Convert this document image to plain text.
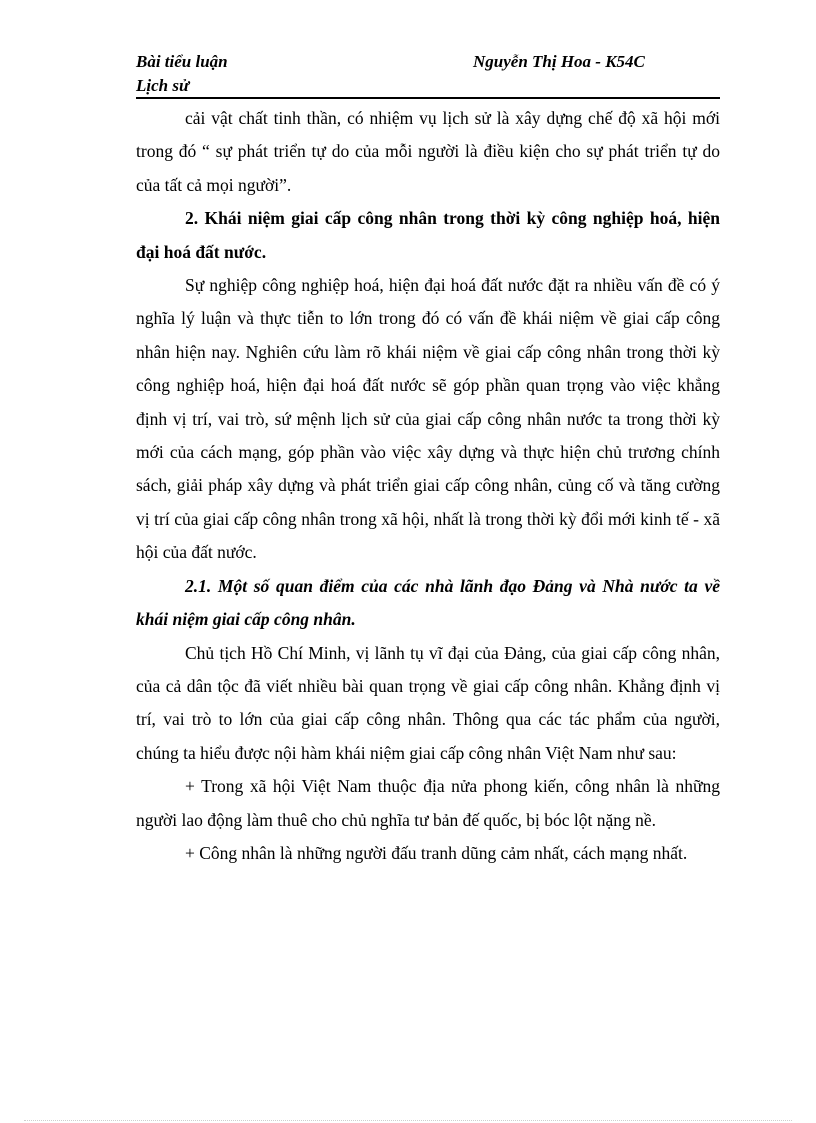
Bài tiểu luận	Nguyễn Thị Hoa - K54C
Lịch sử

cải vật chất tinh thần, có nhiệm vụ lịch sử là xây dựng chế độ xã hội mới trong đó “ sự phát triển tự do của mỗi người là điều kiện cho sự phát triển tự do của tất cả mọi người”.

2. Khái niệm giai cấp công nhân trong thời kỳ công nghiệp hoá, hiện đại hoá đất nước.

Sự nghiệp công nghiệp hoá, hiện đại hoá đất nước đặt ra nhiều vấn đề có ý nghĩa lý luận và thực tiễn to lớn trong đó có vấn đề khái niệm về giai cấp công nhân hiện nay. Nghiên cứu làm rõ khái niệm về giai cấp công nhân trong thời kỳ công nghiệp hoá, hiện đại hoá đất nước sẽ góp phần quan trọng vào việc khẳng định vị trí, vai trò, sứ mệnh lịch sử của giai cấp công nhân nước ta trong thời kỳ mới của cách mạng, góp phần vào việc xây dựng và thực hiện chủ trương chính sách, giải pháp xây dựng và phát triển giai cấp công nhân, củng cố và tăng cường vị trí của giai cấp công nhân trong xã hội, nhất là trong thời kỳ đổi mới kinh tế - xã hội của đất nước.

2.1. Một số quan điểm của các nhà lãnh đạo Đảng và Nhà nước ta về khái niệm giai cấp công nhân.

Chủ tịch Hồ Chí Minh, vị lãnh tụ vĩ đại của Đảng, của giai cấp công nhân, của cả dân tộc đã viết nhiều bài quan trọng về giai cấp công nhân. Khẳng định vị trí, vai trò to lớn của giai cấp công nhân. Thông qua các tác phẩm của người, chúng ta hiểu được nội hàm khái niệm giai cấp công nhân Việt Nam như sau:

+ Trong xã hội Việt Nam thuộc địa nửa phong kiến, công nhân là những người lao động làm thuê cho chủ nghĩa tư bản đế quốc, bị bóc lột nặng nề.

+ Công nhân là những người đấu tranh dũng cảm nhất, cách mạng nhất.
